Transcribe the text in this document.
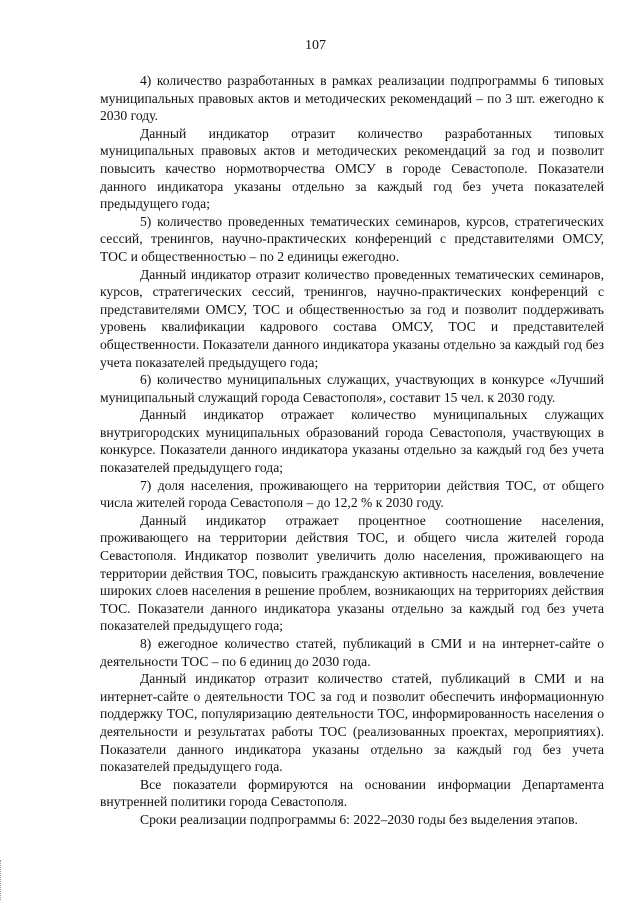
107

4) количество разработанных в рамках реализации подпрограммы 6 типовых муниципальных правовых актов и методических рекомендаций – по 3 шт. ежегодно к 2030 году.

Данный индикатор отразит количество разработанных типовых муниципальных правовых актов и методических рекомендаций за год и позволит повысить качество нормотворчества ОМСУ в городе Севастополе. Показатели данного индикатора указаны отдельно за каждый год без учета показателей предыдущего года;

5) количество проведенных тематических семинаров, курсов, стратегических сессий, тренингов, научно-практических конференций с представителями ОМСУ, ТОС и общественностью – по 2 единицы ежегодно.

Данный индикатор отразит количество проведенных тематических семинаров, курсов, стратегических сессий, тренингов, научно-практических конференций с представителями ОМСУ, ТОС и общественностью за год и позволит поддерживать уровень квалификации кадрового состава ОМСУ, ТОС и представителей общественности. Показатели данного индикатора указаны отдельно за каждый год без учета показателей предыдущего года;

6) количество муниципальных служащих, участвующих в конкурсе «Лучший муниципальный служащий города Севастополя», составит 15 чел. к 2030 году.

Данный индикатор отражает количество муниципальных служащих внутригородских муниципальных образований города Севастополя, участвующих в конкурсе. Показатели данного индикатора указаны отдельно за каждый год без учета показателей предыдущего года;

7) доля населения, проживающего на территории действия ТОС, от общего числа жителей города Севастополя – до 12,2 % к 2030 году.

Данный индикатор отражает процентное соотношение населения, проживающего на территории действия ТОС, и общего числа жителей города Севастополя. Индикатор позволит увеличить долю населения, проживающего на территории действия ТОС, повысить гражданскую активность населения, вовлечение широких слоев населения в решение проблем, возникающих на территориях действия ТОС. Показатели данного индикатора указаны отдельно за каждый год без учета показателей предыдущего года;

8) ежегодное количество статей, публикаций в СМИ и на интернет-сайте о деятельности ТОС – по 6 единиц до 2030 года.

Данный индикатор отразит количество статей, публикаций в СМИ и на интернет-сайте о деятельности ТОС за год и позволит обеспечить информационную поддержку ТОС, популяризацию деятельности ТОС, информированность населения о деятельности и результатах работы ТОС (реализованных проектах, мероприятиях). Показатели данного индикатора указаны отдельно за каждый год без учета показателей предыдущего года.

Все показатели формируются на основании информации Департамента внутренней политики города Севастополя.

Сроки реализации подпрограммы 6: 2022–2030 годы без выделения этапов.
